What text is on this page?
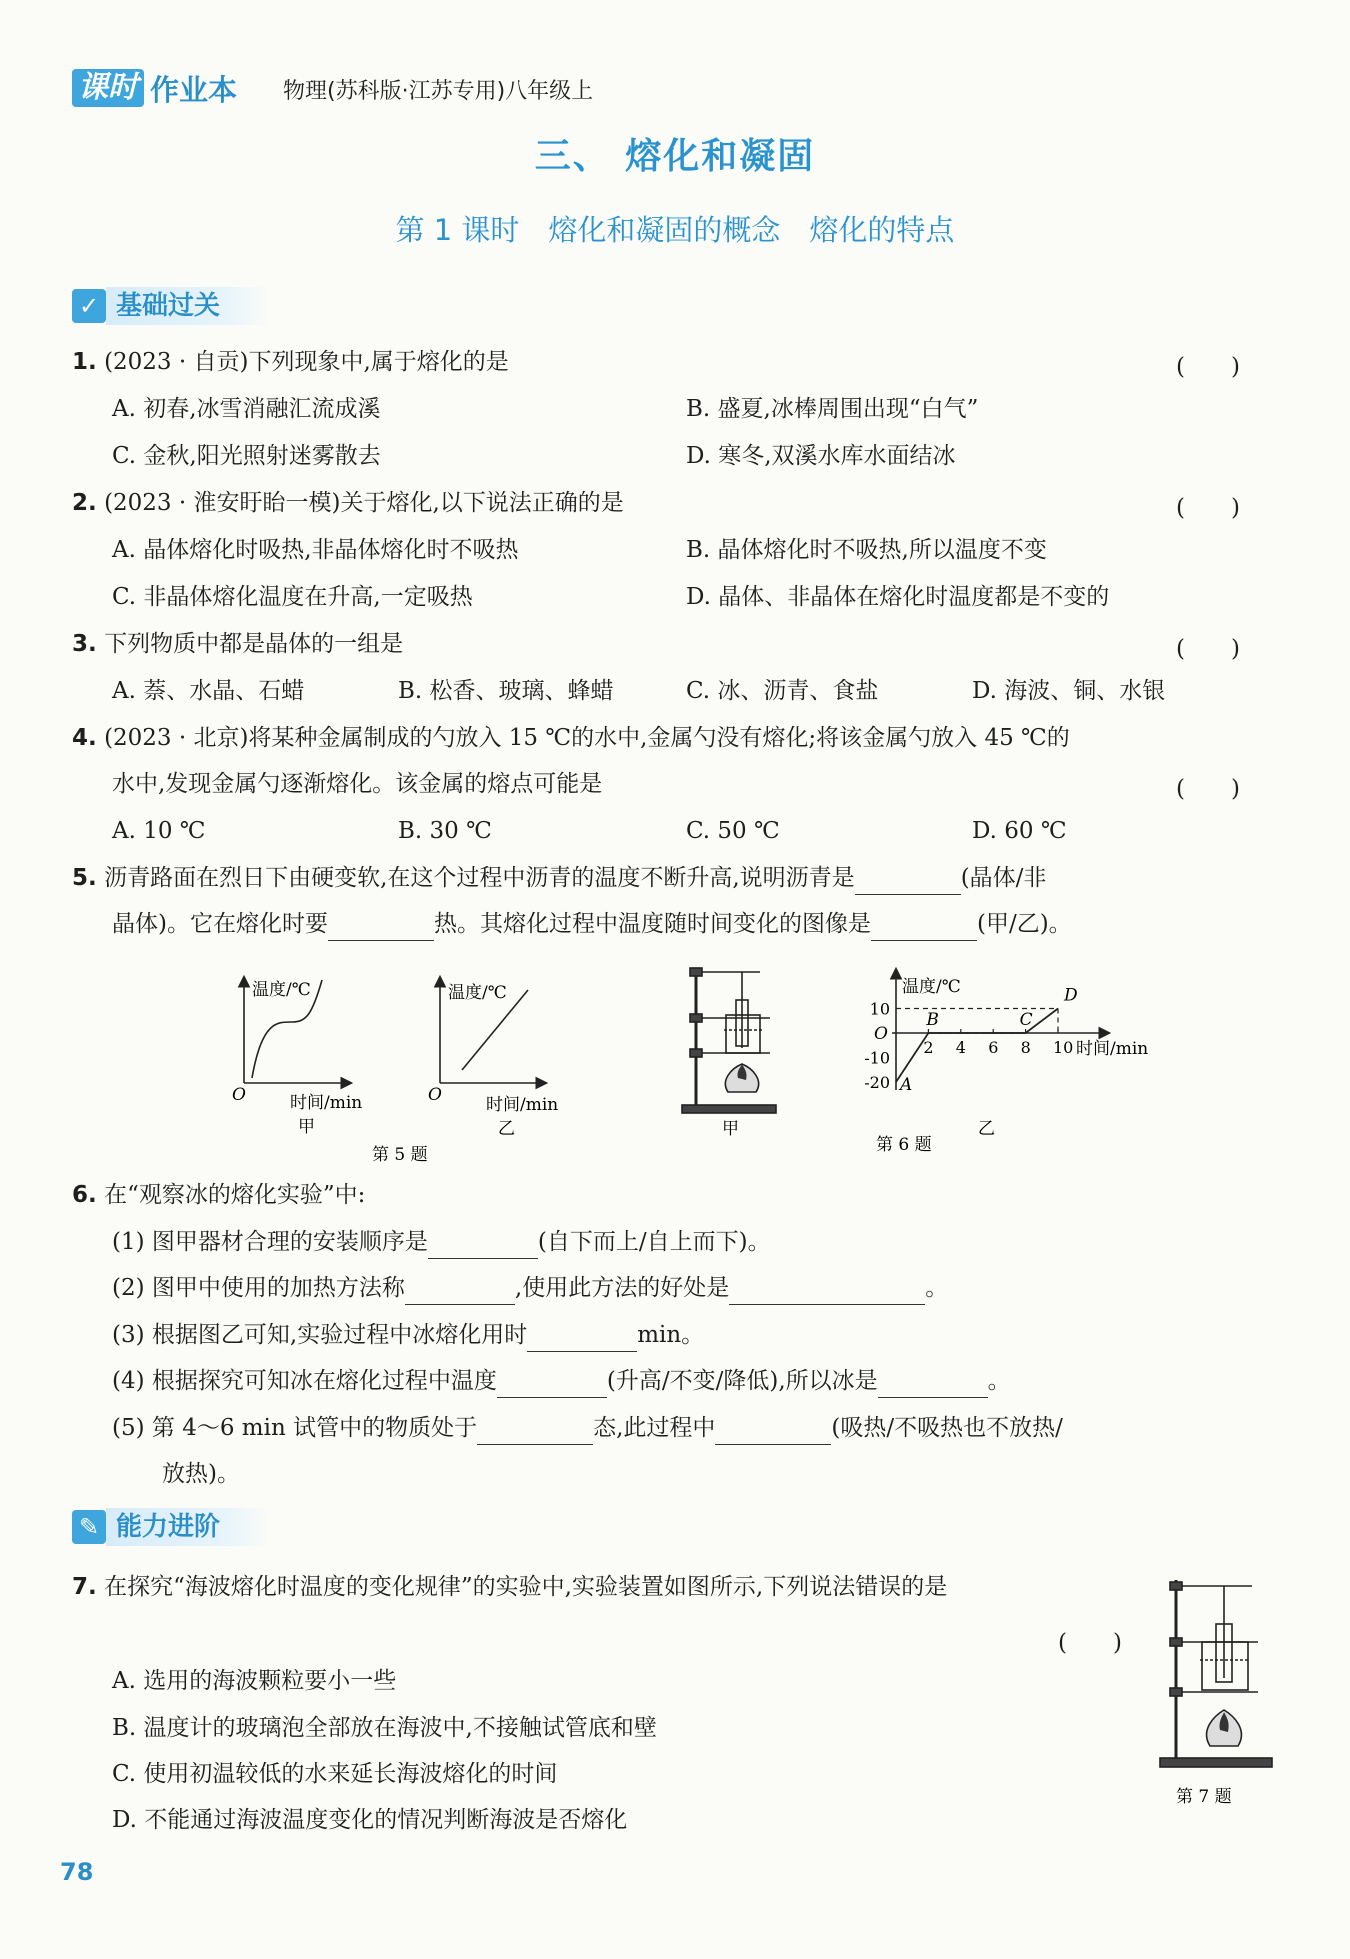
课时 作业本 物理(苏科版·江苏专用)八年级上
三、 熔化和凝固
第 1 课时　熔化和凝固的概念　熔化的特点
✓ 基础过关
1. (2023 · 自贡)下列现象中,属于熔化的是	(　　)
A. 初春,冰雪消融汇流成溪	B. 盛夏,冰棒周围出现“白气”
C. 金秋,阳光照射迷雾散去	D. 寒冬,双溪水库水面结冰
2. (2023 · 淮安盱眙一模)关于熔化,以下说法正确的是	(　　)
A. 晶体熔化时吸热,非晶体熔化时不吸热	B. 晶体熔化时不吸热,所以温度不变
C. 非晶体熔化温度在升高,一定吸热	D. 晶体、非晶体在熔化时温度都是不变的
3. 下列物质中都是晶体的一组是	(　　)
A. 萘、水晶、石蜡	B. 松香、玻璃、蜂蜡	C. 冰、沥青、食盐	D. 海波、铜、水银
4. (2023 · 北京)将某种金属制成的勺放入 15 ℃的水中,金属勺没有熔化;将该金属勺放入 45 ℃的
水中,发现金属勺逐渐熔化。该金属的熔点可能是	(　　)
A. 10 ℃	B. 30 ℃	C. 50 ℃	D. 60 ℃
5. 沥青路面在烈日下由硬变软,在这个过程中沥青的温度不断升高,说明沥青是	(晶体/非
晶体)。它在熔化时要	热。其熔化过程中温度随时间变化的图像是	(甲/乙)。
温度/℃
O	时间/min
甲
温度/℃
O	时间/min
乙
第 5 题
甲
温度/℃
时间/min
O
10
-10
-20
2 4 6 8 10
A
B	C
D
第 6 题
乙
6. 在“观察冰的熔化实验”中:
(1) 图甲器材合理的安装顺序是	(自下而上/自上而下)。
(2) 图甲中使用的加热方法称	,使用此方法的好处是	。
(3) 根据图乙可知,实验过程中冰熔化用时	min。
(4) 根据探究可知冰在熔化过程中温度	(升高/不变/降低),所以冰是	。
(5) 第 4～6 min 试管中的物质处于	态,此过程中	(吸热/不吸热也不放热/
放热)。
✎ 能力进阶
7. 在探究“海波熔化时温度的变化规律”的实验中,实验装置如图所示,下列说法错误的是
(　　)
A. 选用的海波颗粒要小一些
B. 温度计的玻璃泡全部放在海波中,不接触试管底和壁
C. 使用初温较低的水来延长海波熔化的时间
D. 不能通过海波温度变化的情况判断海波是否熔化
第 7 题
78
